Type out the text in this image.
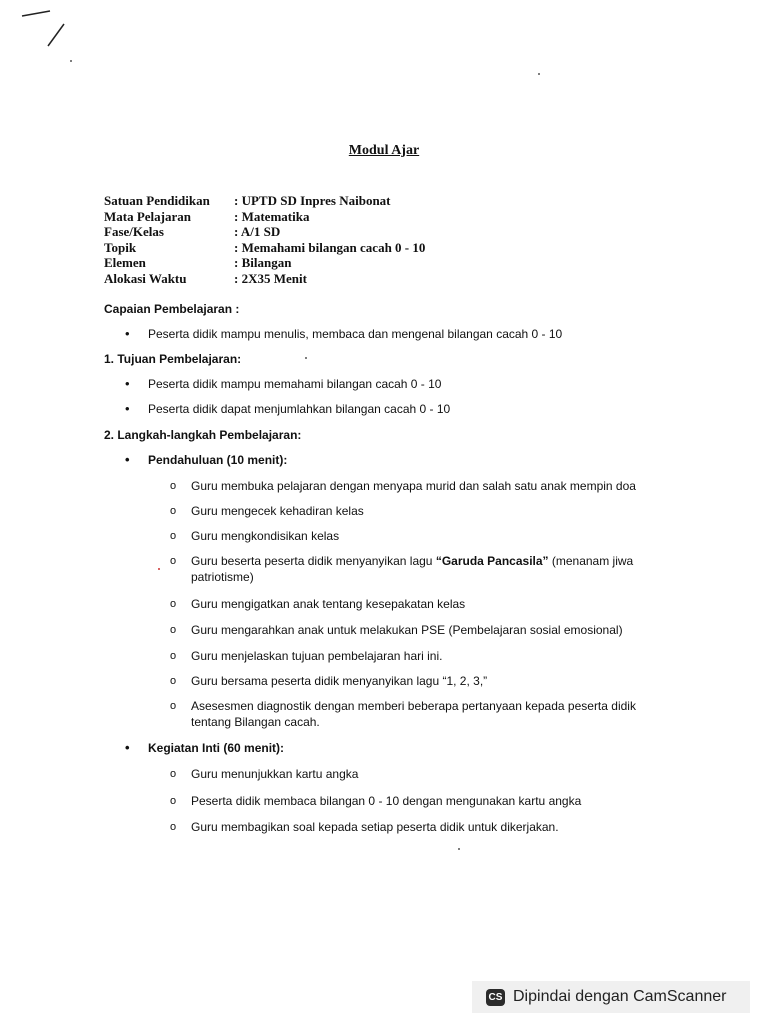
Modul Ajar
Satuan Pendidikan	: UPTD SD Inpres Naibonat
Mata Pelajaran	: Matematika
Fase/Kelas	: A/1 SD
Topik	: Memahami bilangan cacah 0 - 10
Elemen	: Bilangan
Alokasi Waktu	: 2X35 Menit
Capaian Pembelajaran :
• Peserta didik mampu menulis, membaca dan mengenal bilangan cacah 0 - 10
1. Tujuan Pembelajaran:
• Peserta didik mampu memahami bilangan cacah 0 - 10
• Peserta didik dapat menjumlahkan bilangan cacah 0 - 10
2. Langkah-langkah Pembelajaran:
• Pendahuluan (10 menit):
o Guru membuka pelajaran dengan menyapa murid dan salah satu anak mempin doa
o Guru mengecek kehadiran kelas
o Guru mengkondisikan kelas
o Guru beserta peserta didik menyanyikan lagu “Garuda Pancasila” (menanam jiwa patriotisme)
o Guru mengigatkan anak tentang kesepakatan kelas
o Guru mengarahkan anak untuk melakukan PSE (Pembelajaran sosial emosional)
o Guru menjelaskan tujuan pembelajaran hari ini.
o Guru bersama peserta didik menyanyikan lagu “1, 2, 3,”
o Asesesmen diagnostik dengan memberi beberapa pertanyaan kepada peserta didik tentang Bilangan cacah.
• Kegiatan Inti (60 menit):
o Guru menunjukkan kartu angka
o Peserta didik membaca bilangan 0 - 10 dengan mengunakan kartu angka
o Guru membagikan soal kepada setiap peserta didik untuk dikerjakan.
CS Dipindai dengan CamScanner
